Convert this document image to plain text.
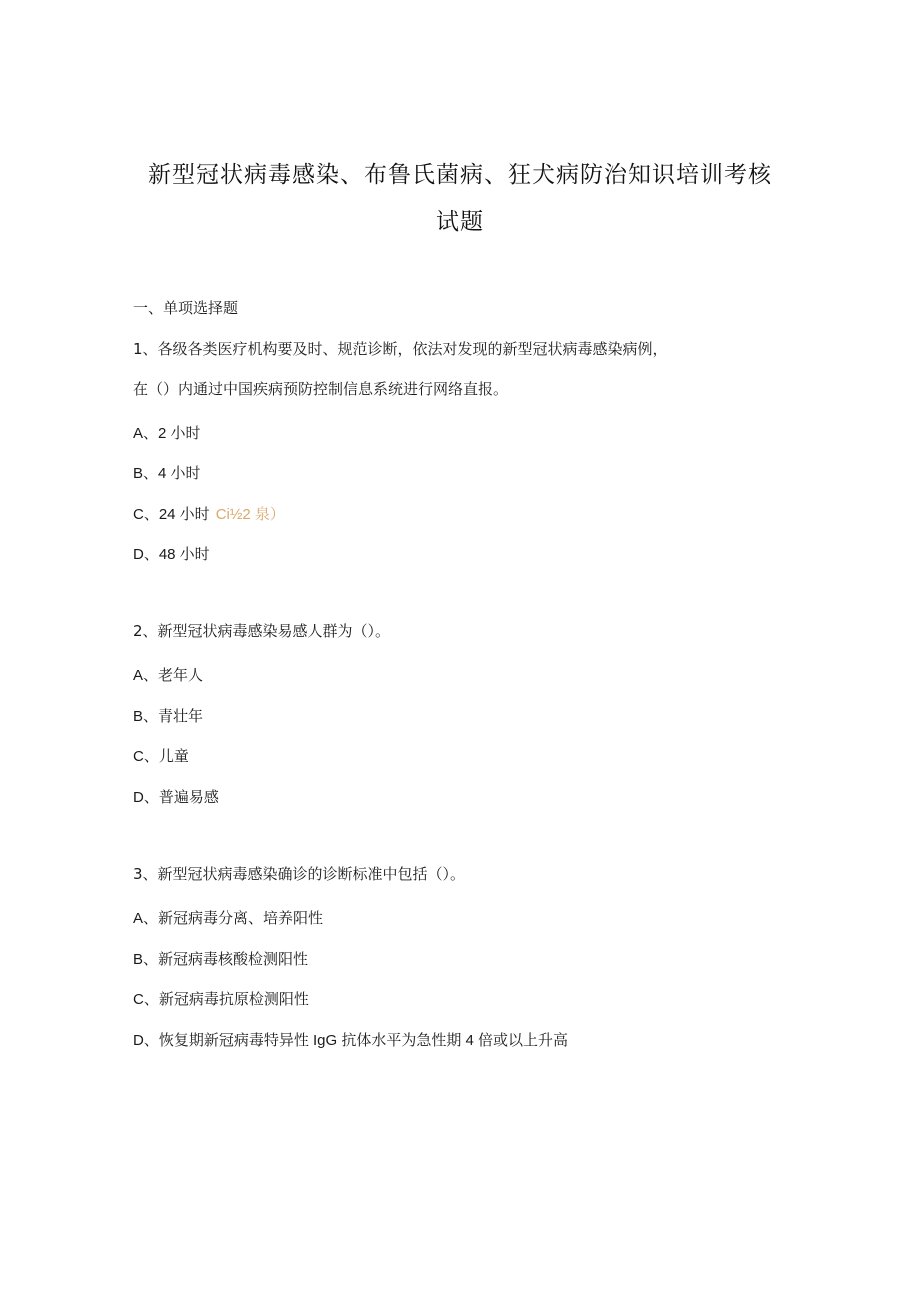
新型冠状病毒感染、布鲁氏菌病、狂犬病防治知识培训考核
试题
一、单项选择题
1、各级各类医疗机构要及时、规范诊断，依法对发现的新型冠状病毒感染病例，
在（）内通过中国疾病预防控制信息系统进行网络直报。
A、2 小时
B、4 小时
C、24 小时 Ci½2 泉）
D、48 小时
2、新型冠状病毒感染易感人群为（）。
A、老年人
B、青壮年
C、儿童
D、普遍易感
3、新型冠状病毒感染确诊的诊断标准中包括（）。
A、新冠病毒分离、培养阳性
B、新冠病毒核酸检测阳性
C、新冠病毒抗原检测阳性
D、恢复期新冠病毒特异性 IgG 抗体水平为急性期 4 倍或以上升高
